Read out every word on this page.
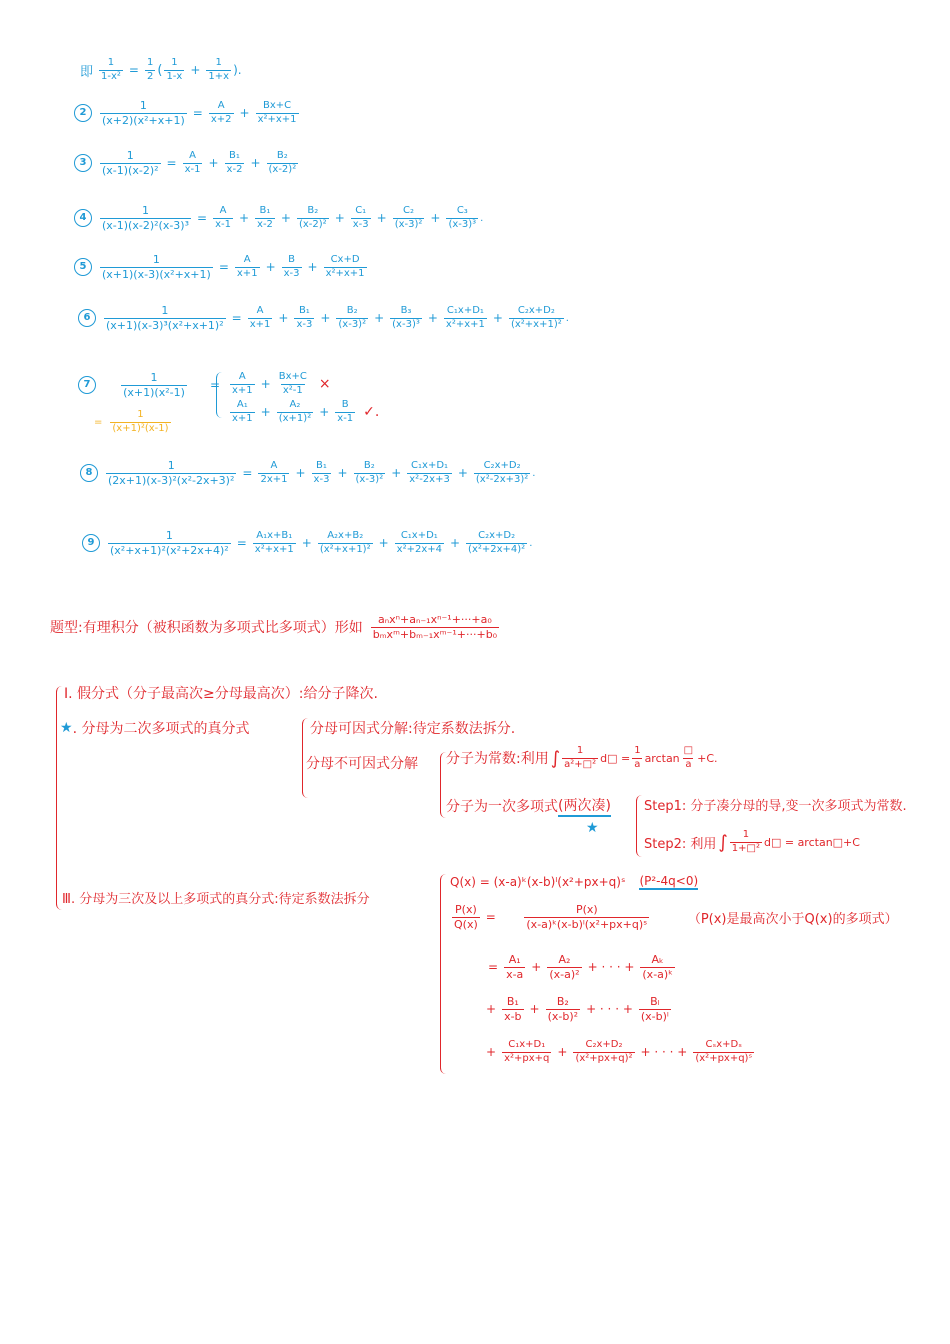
即 $\frac{1}{\text{1-x²}} = \frac{1}{2}$ ( $\frac{1}{1-x} + \frac{1}{1+x}$ ).
2	$\frac{1}{\text{(x+2)(x²+x+1)}} = \frac{A}{x+2} + \frac{Bx+C}{\text{x²+x+1}}$
3	$\frac{1}{\text{(x-1)(x-2)²}} = \frac{A}{x-1} + \frac{\text{B₁}}{x-2} + \frac{\text{B₂}}{\text{(x-2)²}}$
4	$\frac{1}{\text{(x-1)(x-2)²(x-3)³}} = \frac{A}{x-1} + \frac{\text{B₁}}{x-2} + \frac{\text{B₂}}{\text{(x-2)²}} + \frac{\text{C₁}}{x-3} + \frac{\text{C₂}}{\text{(x-3)²}} + \frac{\text{C₃}}{\text{(x-3)³}}$ .
5	$\frac{1}{\text{(x+1)(x-3)(x²+x+1)}} = \frac{A}{x+1} + \frac{B}{x-3} + \frac{Cx+D}{\text{x²+x+1}}$
6	$\frac{1}{\text{(x+1)(x-3)³(x²+x+1)²}} = \frac{A}{x+1} + \frac{\text{B₁}}{x-3} + \frac{\text{B₂}}{\text{(x-3)²}} + \frac{\text{B₃}}{\text{(x-3)³}} + \frac{\text{C₁x+D₁}}{\text{x²+x+1}} + \frac{\text{C₂x+D₂}}{\text{(x²+x+1)²}}$ .
7	$\frac{1}{\text{(x+1)(x²-1)}} = \frac{A}{x+1} + \frac{Bx+C}{\text{x²-1}}$ ×
$\frac{\text{A₁}}{x+1} + \frac{\text{A₂}}{\text{(x+1)²}} + \frac{B}{x-1}$ ✓.
= $\frac{1}{\text{(x+1)²(x-1)}}$
8	$\frac{1}{\text{(2x+1)(x-3)²(x²-2x+3)²}} = \frac{A}{2x+1} + \frac{\text{B₁}}{x-3} + \frac{\text{B₂}}{\text{(x-3)²}} + \frac{\text{C₁x+D₁}}{\text{x²-2x+3}} + \frac{\text{C₂x+D₂}}{\text{(x²-2x+3)²}}$ .
9	$\frac{1}{\text{(x²+x+1)²(x²+2x+4)²}} = \frac{\text{A₁x+B₁}}{\text{x²+x+1}} + \frac{\text{A₂x+B₂}}{\text{(x²+x+1)²}} + \frac{\text{C₁x+D₁}}{\text{x²+2x+4}} + \frac{\text{C₂x+D₂}}{\text{(x²+2x+4)²}}$ .
题型:有理积分（被积函数为多项式比多项式）形如 $\frac{\text{aₙxⁿ+aₙ₋₁xⁿ⁻¹+···+a₀}}{\text{bₘxᵐ+bₘ₋₁xᵐ⁻¹+···+b₀}}$
I. 假分式（分子最高次≥分母最高次）:给分子降次.
★ . 分母为二次多项式的真分式	分母可因式分解:待定系数法拆分.
分母不可因式分解 分子为常数:利用 ∫ $\frac{1}{\text{a²+□²}}$ d□ = $\frac{1}{a}$ $\arctan \frac{□}{a} +C$.
分子为一次多项式 (两次凑)
★
Step1: 分子凑分母的导,变一次多项式为常数.
Step2: 利用 ∫ $\frac{1}{\text{1+□²}}$ d□ = arctan□+C
Ⅲ. 分母为三次及以上多项式的真分式:待定系数法拆分
Q(x) = (x-a)ᵏ(x-b)ˡ(x²+px+q)ˢ (P²-4q<0)
$\frac{P(x)}{Q(x)} = \frac{P(x)}{\text{(x-a)ᵏ(x-b)ˡ(x²+px+q)ˢ}} (P(x)$是最高次小于Q(x)的多项式）
= $\frac{\text{A₁}}{x-a} + \frac{\text{A₂}}{\text{(x-a)²}}$ + · · · + $\frac{\text{Aₖ}}{\text{(x-a)ᵏ}}$
+ $\frac{\text{B₁}}{x-b} + \frac{\text{B₂}}{\text{(x-b)²}}$ + · · · + $\frac{\text{Bₗ}}{\text{(x-b)ˡ}}$
+ $\frac{\text{C₁x+D₁}}{\text{x²+px+q}} + \frac{\text{C₂x+D₂}}{\text{(x²+px+q)²}}$ + · · · + $\frac{\text{Cₛx+Dₛ}}{\text{(x²+px+q)ˢ}}$
